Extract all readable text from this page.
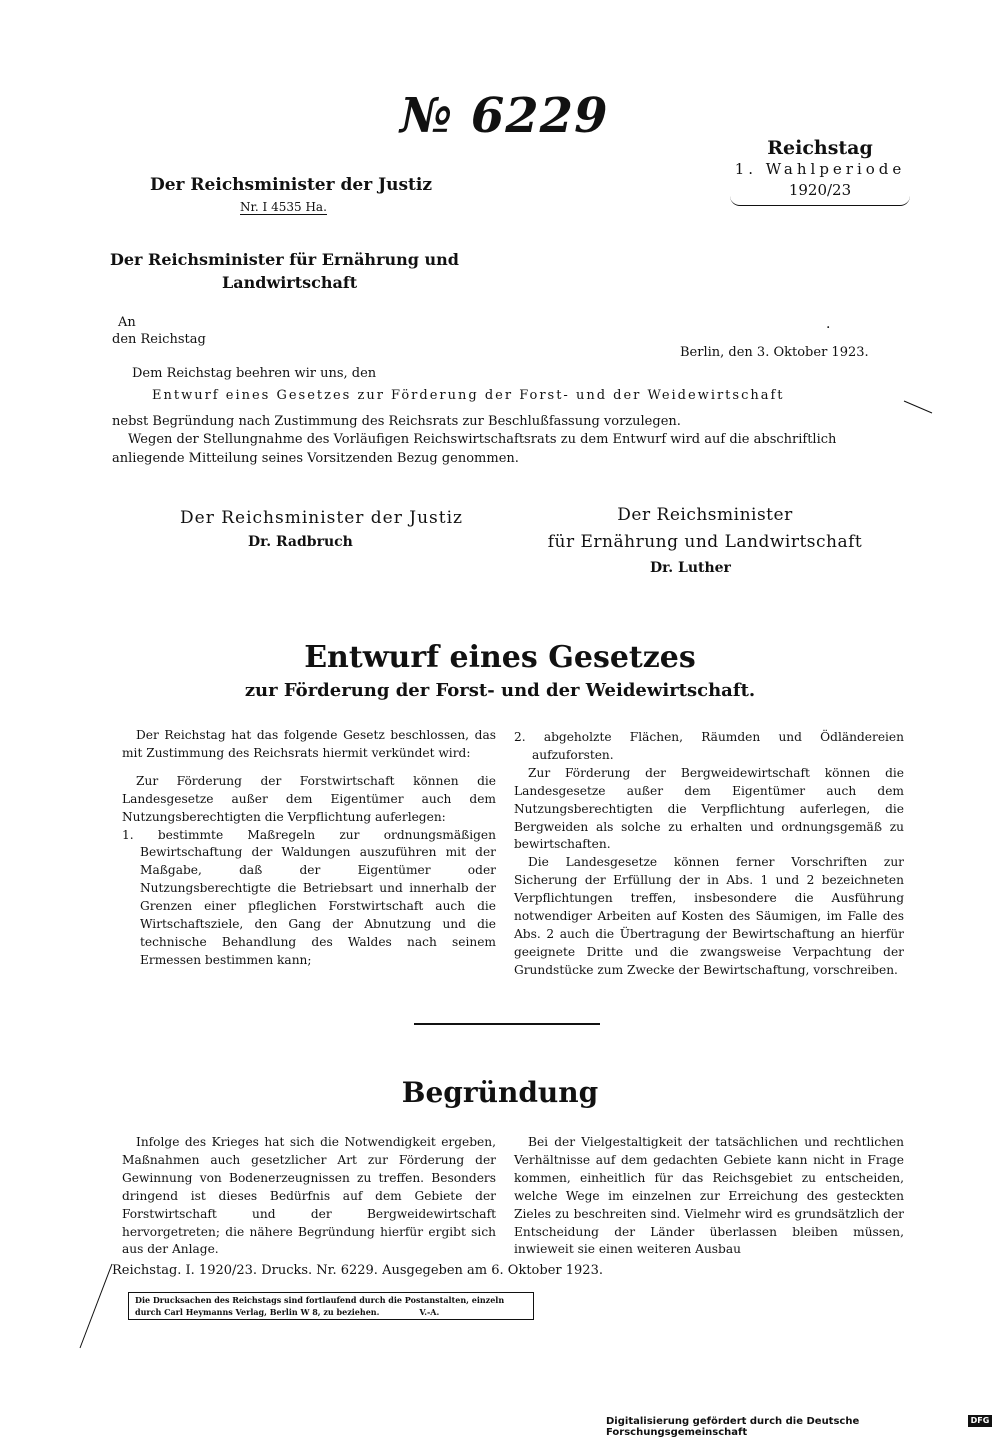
№ 6229
Reichstag
1. Wahlperiode
1920/23
Der Reichsminister der Justiz
Nr. I 4535 Ha.
Der Reichsminister für Ernährung und
Landwirtschaft
An
den Reichstag
·
Berlin, den 3. Oktober 1923.
Dem Reichstag beehren wir uns, den
Entwurf eines Gesetzes zur Förderung der Forst- und der Weidewirtschaft
nebst Begründung nach Zustimmung des Reichsrats zur Beschlußfassung vorzulegen.
Wegen der Stellungnahme des Vorläufigen Reichswirtschaftsrats zu dem Entwurf wird auf die abschriftlich
anliegende Mitteilung seines Vorsitzenden Bezug genommen.
Der Reichsminister der Justiz
Dr. Radbruch
Der Reichsminister
für Ernährung und Landwirtschaft
Dr. Luther
Entwurf eines Gesetzes
zur Förderung der Forst- und der Weidewirtschaft.

Der Reichstag hat das folgende Gesetz beschlossen, das mit Zustimmung des Reichsrats hiermit verkündet wird:

Zur Förderung der Forstwirtschaft können die Landesgesetze außer dem Eigentümer auch dem Nutzungsberechtigten die Verpflichtung auferlegen:

1. bestimmte Maßregeln zur ordnungsmäßigen Bewirtschaftung der Waldungen auszuführen mit der Maßgabe, daß der Eigentümer oder Nutzungsberechtigte die Betriebsart und innerhalb der Grenzen einer pfleglichen Forstwirtschaft auch die Wirtschaftsziele, den Gang der Abnutzung und die technische Behandlung des Waldes nach seinem Ermessen bestimmen kann;

2. abgeholzte Flächen, Räumden und Ödländereien aufzuforsten.

Zur Förderung der Bergweidewirtschaft können die Landesgesetze außer dem Eigentümer auch dem Nutzungsberechtigten die Verpflichtung auferlegen, die Bergweiden als solche zu erhalten und ordnungsgemäß zu bewirtschaften.

Die Landesgesetze können ferner Vorschriften zur Sicherung der Erfüllung der in Abs. 1 und 2 bezeichneten Verpflichtungen treffen, insbesondere die Ausführung notwendiger Arbeiten auf Kosten des Säumigen, im Falle des Abs. 2 auch die Übertragung der Bewirtschaftung an hierfür geeignete Dritte und die zwangsweise Verpachtung der Grundstücke zum Zwecke der Bewirtschaftung, vorschreiben.

Begründung

Infolge des Krieges hat sich die Notwendigkeit ergeben, Maßnahmen auch gesetzlicher Art zur Förderung der Gewinnung von Bodenerzeugnissen zu treffen. Besonders dringend ist dieses Bedürfnis auf dem Gebiete der Forstwirtschaft und der Bergweidewirtschaft hervorgetreten; die nähere Begründung hierfür ergibt sich aus der Anlage.

Bei der Vielgestaltigkeit der tatsächlichen und rechtlichen Verhältnisse auf dem gedachten Gebiete kann nicht in Frage kommen, einheitlich für das Reichsgebiet zu entscheiden, welche Wege im einzelnen zur Erreichung des gesteckten Zieles zu beschreiten sind. Vielmehr wird es grundsätzlich der Entscheidung der Länder überlassen bleiben müssen, inwieweit sie einen weiteren Ausbau

Reichstag. I. 1920/23. Drucks. Nr. 6229. Ausgegeben am 6. Oktober 1923.
Die Drucksachen des Reichstags sind fortlaufend durch die Postanstalten, einzeln
durch Carl Heymanns Verlag, Berlin W 8, zu beziehen.	V.-A.
Digitalisierung gefördert durch die Deutsche Forschungsgemeinschaft
DFG
